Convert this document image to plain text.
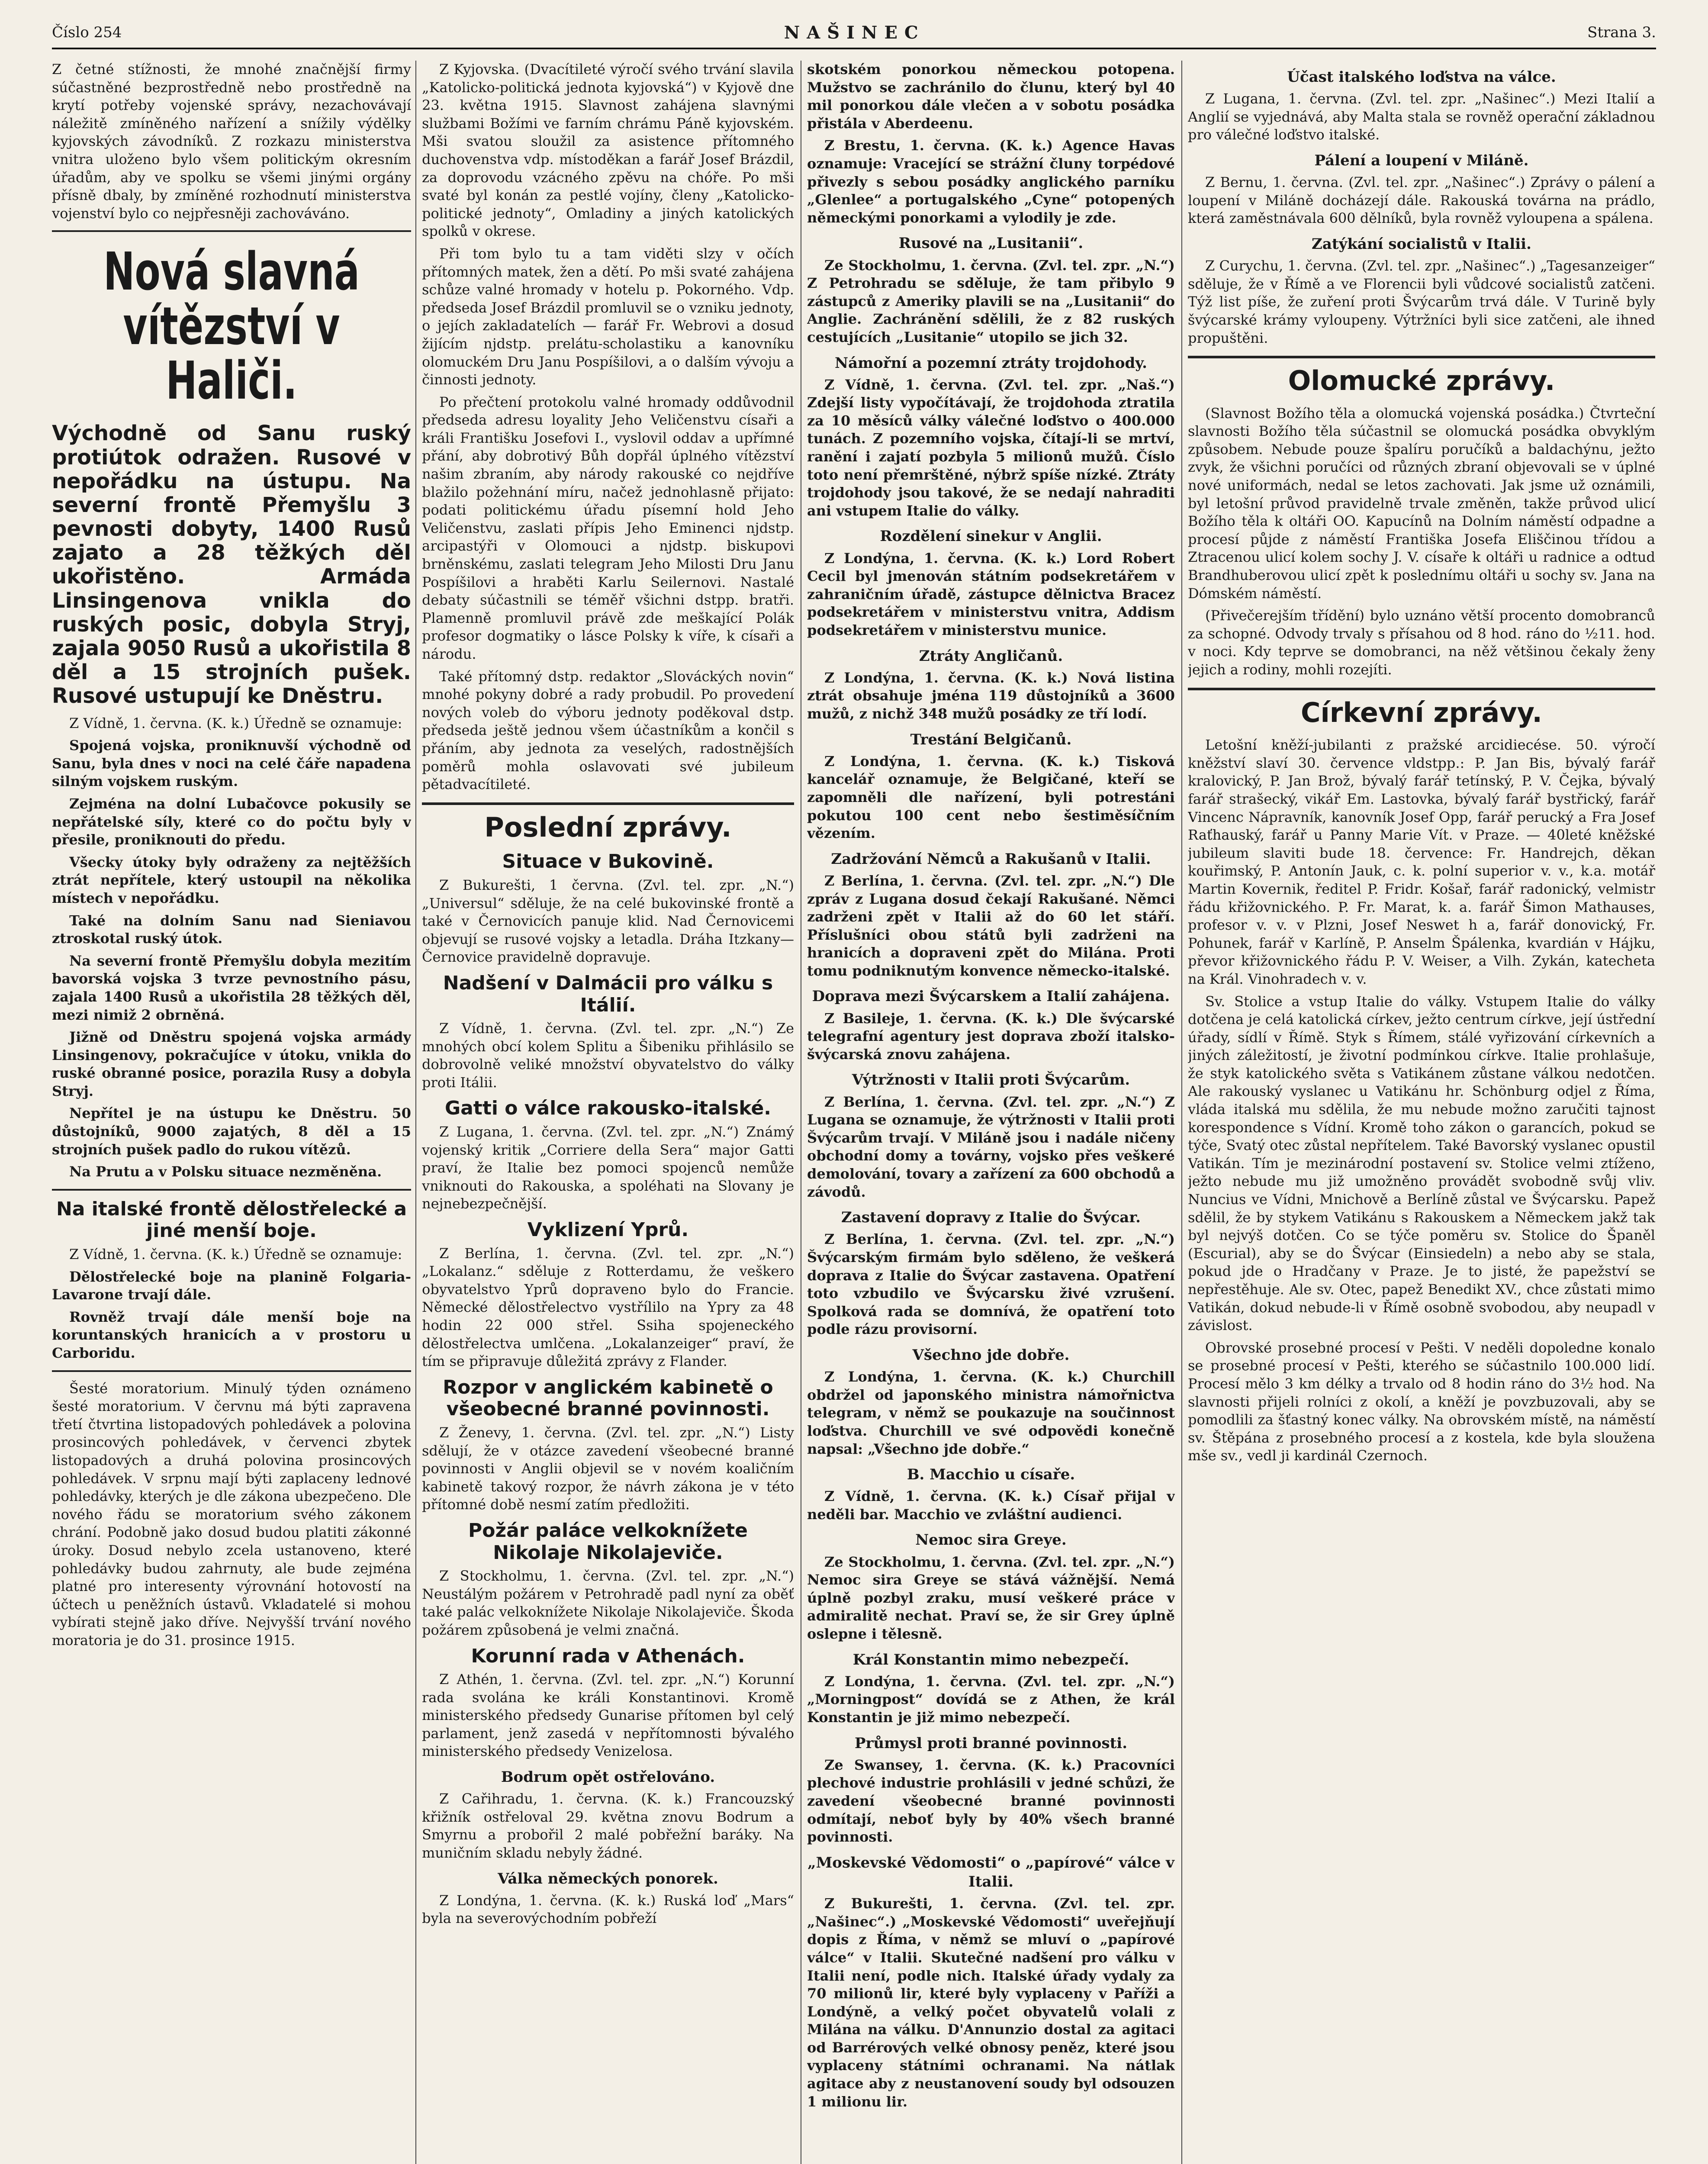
Číslo 254	NAŠINEC	Strana 3.

Z četné stížnosti, že mnohé značnější firmy súčastněné bezprostředně nebo prostředně na krytí potřeby vojenské správy, nezachovávají náležitě zmíněného nařízení a snížily výdělky kyjovských závodníků. Z rozkazu ministerstva vnitra uloženo bylo všem politickým okresním úřadům, aby ve spolku se všemi jinými orgány přísně dbaly, by zmíněné rozhodnutí ministerstva vojenství bylo co nejpřesněji zachováváno.

Nová slavná vítězství v Haliči.
Východně od Sanu ruský protiútok odražen. Rusové v nepořádku na ústupu. Na severní frontě Přemyšlu 3 pevnosti dobyty, 1400 Rusů zajato a 28 těžkých děl ukořistěno. Armáda Linsingenova vnikla do ruských posic, dobyla Stryj, zajala 9050 Rusů a ukořistila 8 děl a 15 strojních pušek. Rusové ustupují ke Dněstru.

Z Vídně, 1. června. (K. k.) Úředně se oznamuje:

Spojená vojska, proniknuvší východně od Sanu, byla dnes v noci na celé čáře napadena silným vojskem ruským.

Zejména na dolní Lubačovce pokusily se nepřátelské síly, které co do počtu byly v přesile, proniknouti do předu.

Všecky útoky byly odraženy za nejtěžších ztrát nepřítele, který ustoupil na několika místech v nepořádku.

Také na dolním Sanu nad Sieniavou ztroskotal ruský útok.

Na severní frontě Přemyšlu dobyla mezitím bavorská vojska 3 tvrze pevnostního pásu, zajala 1400 Rusů a ukořistila 28 těžkých děl, mezi nimiž 2 obrněná.

Jižně od Dněstru spojená vojska armády Linsingenovy, pokračujíce v útoku, vnikla do ruské obranné posice, porazila Rusy a dobyla Stryj.

Nepřítel je na ústupu ke Dněstru. 50 důstojníků, 9000 zajatých, 8 děl a 15 strojních pušek padlo do rukou vítězů.

Na Prutu a v Polsku situace nezměněna.

Na italské frontě dělostřelecké a jiné menší boje.

Z Vídně, 1. června. (K. k.) Úředně se oznamuje:

Dělostřelecké boje na planině Folgaria-Lavarone trvají dále.

Rovněž trvají dále menší boje na koruntanských hranicích a v prostoru u Carboridu.

Šesté moratorium. Minulý týden oznámeno šesté moratorium. V červnu má býti zapravena třetí čtvrtina listopadových pohledávek a polovina prosincových pohledávek, v červenci zbytek listopadových a druhá polovina prosincových pohledávek. V srpnu mají býti zaplaceny lednové pohledávky, kterých je dle zákona ubezpečeno. Dle nového řádu se moratorium svého zákonem chrání. Podobně jako dosud budou platiti zákonné úroky. Dosud nebylo zcela ustanoveno, které pohledávky budou zahrnuty, ale bude zejména platné pro interesenty výrovnání hotovostí na účtech u peněžních ústavů. Vkladatelé si mohou vybírati stejně jako dříve. Nejvyšší trvání nového moratoria je do 31. prosince 1915.

Z Kyjovska. (Dvacítileté výročí svého trvání slavila „Katolicko-politická jednota kyjovská“) v Kyjově dne 23. května 1915. Slavnost zahájena slavnými službami Božími ve farním chrámu Páně kyjovském. Mši svatou sloužil za asistence přítomného duchovenstva vdp. místoděkan a farář Josef Brázdil, za doprovodu vzácného zpěvu na chóře. Po mši svaté byl konán za pestlé vojíny, členy „Katolicko-politické jednoty“, Omladiny a jiných katolických spolků v okrese.

Při tom bylo tu a tam viděti slzy v očích přítomných matek, žen a dětí. Po mši svaté zahájena schůze valné hromady v hotelu p. Pokorného. Vdp. předseda Josef Brázdil promluvil se o vzniku jednoty, o jejích zakladatelích — farář Fr. Webrovi a dosud žijícím njdstp. prelátu-scholastiku a kanovníku olomuckém Dru Janu Pospíšilovi, a o dalším vývoju a činnosti jednoty.

Po přečtení protokolu valné hromady oddůvodnil předseda adresu loyality Jeho Veličenstvu císaři a králi Františku Josefovi I., vyslovil oddav a upřímné přání, aby dobrotivý Bůh dopřál úplného vítězství našim zbraním, aby národy rakouské co nejdříve blažilo požehnání míru, načež jednohlasně přijato: podati politickému úřadu písemní hold Jeho Veličenstvu, zaslati přípis Jeho Eminenci njdstp. arcipastýři v Olomouci a njdstp. biskupovi brněnskému, zaslati telegram Jeho Milosti Dru Janu Pospíšilovi a hraběti Karlu Seilernovi. Nastalé debaty súčastnili se téměř všichni dstpp. bratři. Plamenně promluvil právě zde meškající Polák profesor dogmatiky o lásce Polsky k víře, k císaři a národu.

Také přítomný dstp. redaktor „Slováckých novin“ mnohé pokyny dobré a rady probudil. Po provedení nových voleb do výboru jednoty poděkoval dstp. předseda ještě jednou všem účastníkům a končil s přáním, aby jednota za veselých, radostnějších poměrů mohla oslavovati své jubileum pětadvacítileté.

Poslední zprávy.
Situace v Bukovině.

Z Bukurešti, 1 června. (Zvl. tel. zpr. „N.“) „Universul“ sděluje, že na celé bukovinské frontě a také v Černovicích panuje klid. Nad Černovicemi objevují se rusové vojsky a letadla. Dráha Itzkany—Černovice pravidelně dopravuje.

Nadšení v Dalmácii pro válku s Itálií.

Z Vídně, 1. června. (Zvl. tel. zpr. „N.“) Ze mnohých obcí kolem Splitu a Šibeniku přihlásilo se dobrovolně veliké množství obyvatelstvo do války proti Itálii.

Gatti o válce rakousko-italské.

Z Lugana, 1. června. (Zvl. tel. zpr. „N.“) Známý vojenský kritik „Corriere della Sera“ major Gatti praví, že Italie bez pomoci spojenců nemůže vniknouti do Rakouska, a spoléhati na Slovany je nejnebezpečnější.

Vyklizení Yprů.

Z Berlína, 1. června. (Zvl. tel. zpr. „N.“) „Lokalanz.“ sděluje z Rotterdamu, že veškero obyvatelstvo Yprů dopraveno bylo do Francie. Německé dělostřelectvo vystřílilo na Ypry za 48 hodin 22 000 střel. Ssiha spojeneckého dělostřelectva umlčena. „Lokalanzeiger“ praví, že tím se připravuje důležitá zprávy z Flander.

Rozpor v anglickém kabinetě o všeobecné branné povinnosti.

Z Ženevy, 1. června. (Zvl. tel. zpr. „N.“) Listy sdělují, že v otázce zavedení všeobecné branné povinnosti v Anglii objevil se v novém koaličním kabinetě takový rozpor, že návrh zákona je v této přítomné době nesmí zatím předložiti.

Požár paláce velkoknížete Nikolaje Nikolajeviče.

Z Stockholmu, 1. června. (Zvl. tel. zpr. „N.“) Neustálým požárem v Petrohradě padl nyní za oběť také palác velkoknížete Nikolaje Nikolajeviče. Škoda požárem způsobená je velmi značná.

Korunní rada v Athenách.

Z Athén, 1. června. (Zvl. tel. zpr. „N.“) Korunní rada svolána ke králi Konstantinovi. Kromě ministerského předsedy Gunarise přítomen byl celý parlament, jenž zasedá v nepřítomnosti bývalého ministerského předsedy Venizelosa.

Bodrum opět ostřelováno.

Z Cařihradu, 1. června. (K. k.) Francouzský křižník ostřeloval 29. května znovu Bodrum a Smyrnu a probořil 2 malé pobřežní baráky. Na muničním skladu nebyly žádné.

Válka německých ponorek.

Z Londýna, 1. června. (K. k.) Ruská loď „Mars“ byla na severovýchodním pobřeží

skotském ponorkou německou potopena. Mužstvo se zachránilo do člunu, který byl 40 mil ponorkou dále vlečen a v sobotu posádka přistála v Aberdeenu.

Z Brestu, 1. června. (K. k.) Agence Havas oznamuje: Vracející se strážní čluny torpédové přivezly s sebou posádky anglického parníku „Glenlee“ a portugalského „Cyne“ potopených německými ponorkami a vylodily je zde.

Rusové na „Lusitanii“.

Ze Stockholmu, 1. června. (Zvl. tel. zpr. „N.“) Z Petrohradu se sděluje, že tam přibylo 9 zástupců z Ameriky plavili se na „Lusitanii“ do Anglie. Zachránění sdělili, že z 82 ruských cestujících „Lusitanie“ utopilo se jich 32.

Námořní a pozemní ztráty trojdohody.

Z Vídně, 1. června. (Zvl. tel. zpr. „Naš.“) Zdejší listy vypočítávají, že trojdohoda ztratila za 10 měsíců války válečné loďstvo o 400.000 tunách. Z pozemního vojska, čítají-li se mrtví, ranění i zajatí pozbyla 5 milionů mužů. Číslo toto není přemrštěné, nýbrž spíše nízké. Ztráty trojdohody jsou takové, že se nedají nahraditi ani vstupem Italie do války.

Rozdělení sinekur v Anglii.

Z Londýna, 1. června. (K. k.) Lord Robert Cecil byl jmenován státním podsekretářem v zahraničním úřadě, zástupce dělnictva Bracez podsekretářem v ministerstvu vnitra, Addism podsekretářem v ministerstvu munice.

Ztráty Angličanů.

Z Londýna, 1. června. (K. k.) Nová listina ztrát obsahuje jména 119 důstojníků a 3600 mužů, z nichž 348 mužů posádky ze tří lodí.

Trestání Belgičanů.

Z Londýna, 1. června. (K. k.) Tisková kancelář oznamuje, že Belgičané, kteří se zapomněli dle nařízení, byli potrestáni pokutou 100 cent nebo šestiměsíčním vězením.

Zadržování Němců a Rakušanů v Italii.

Z Berlína, 1. června. (Zvl. tel. zpr. „N.“) Dle zpráv z Lugana dosud čekají Rakušané. Němci zadrženi zpět v Italii až do 60 let stáří. Příslušníci obou států byli zadrženi na hranicích a dopraveni zpět do Milána. Proti tomu podniknutým konvence německo-italské.

Doprava mezi Švýcarskem a Italií zahájena.

Z Basileje, 1. června. (K. k.) Dle švýcarské telegrafní agentury jest doprava zboží italsko-švýcarská znovu zahájena.

Výtržnosti v Italii proti Švýcarům.

Z Berlína, 1. června. (Zvl. tel. zpr. „N.“) Z Lugana se oznamuje, že výtržnosti v Italii proti Švýcarům trvají. V Miláně jsou i nadále ničeny obchodní domy a továrny, vojsko přes veškeré demolování, tovary a zařízení za 600 obchodů a závodů.

Zastavení dopravy z Italie do Švýcar.

Z Berlína, 1. června. (Zvl. tel. zpr. „N.“) Švýcarským firmám bylo sděleno, že veškerá doprava z Italie do Švýcar zastavena. Opatření toto vzbudilo ve Švýcarsku živé vzrušení. Spolková rada se domnívá, že opatření toto podle rázu provisorní.

Všechno jde dobře.

Z Londýna, 1. června. (K. k.) Churchill obdržel od japonského ministra námořnictva telegram, v němž se poukazuje na součinnost loďstva. Churchill ve své odpovědi konečně napsal: „Všechno jde dobře.“

B. Macchio u císaře.

Z Vídně, 1. června. (K. k.) Císař přijal v neděli bar. Macchio ve zvláštní audienci.

Nemoc sira Greye.

Ze Stockholmu, 1. června. (Zvl. tel. zpr. „N.“) Nemoc sira Greye se stává vážnější. Nemá úplně pozbyl zraku, musí veškeré práce v admiralitě nechat. Praví se, že sir Grey úplně oslepne i tělesně.

Král Konstantin mimo nebezpečí.

Z Londýna, 1. června. (Zvl. tel. zpr. „N.“) „Morningpost“ dovídá se z Athen, že král Konstantin je již mimo nebezpečí.

Průmysl proti branné povinnosti.

Ze Swansey, 1. června. (K. k.) Pracovníci plechové industrie prohlásili v jedné schůzi, že zavedení všeobecné branné povinnosti odmítají, neboť byly by 40% všech branné povinnosti.

„Moskevské Vědomosti“ o „papírové“ válce v Italii.

Z Bukurešti, 1. června. (Zvl. tel. zpr. „Našinec“.) „Moskevské Vědomosti“ uveřejňují dopis z Říma, v němž se mluví o „papírové válce“ v Italii. Skutečné nadšení pro válku v Italii není, podle nich. Italské úřady vydaly za 70 milionů lir, které byly vyplaceny v Paříži a Londýně, a velký počet obyvatelů volali z Milána na válku. D'Annunzio dostal za agitaci od Barrérových velké obnosy peněz, které jsou vyplaceny státními ochranami. Na nátlak agitace aby z neustanovení soudy byl odsouzen 1 milionu lir.

Účast italského loďstva na válce.

Z Lugana, 1. června. (Zvl. tel. zpr. „Našinec“.) Mezi Italií a Anglií se vyjednává, aby Malta stala se rovněž operační základnou pro válečné loďstvo italské.

Pálení a loupení v Miláně.

Z Bernu, 1. června. (Zvl. tel. zpr. „Našinec“.) Zprávy o pálení a loupení v Miláně docházejí dále. Rakouská továrna na prádlo, která zaměstnávala 600 dělníků, byla rovněž vyloupena a spálena.

Zatýkání socialistů v Italii.

Z Curychu, 1. června. (Zvl. tel. zpr. „Našinec“.) „Tagesanzeiger“ sděluje, že v Římě a ve Florencii byli vůdcové socialistů zatčeni. Týž list píše, že zuření proti Švýcarům trvá dále. V Turině byly švýcarské krámy vyloupeny. Výtržníci byli sice zatčeni, ale ihned propuštěni.

Olomucké zprávy.

(Slavnost Božího těla a olomucká vojenská posádka.) Čtvrteční slavnosti Božího těla súčastnil se olomucká posádka obvyklým způsobem. Nebude pouze špalíru poručíků a baldachýnu, ježto zvyk, že všichni poručíci od různých zbraní objevovali se v úplné nové uniformách, nedal se letos zachovati. Jak jsme už oznámili, byl letošní průvod pravidelně trvale změněn, takže průvod ulicí Božího těla k oltáři OO. Kapucínů na Dolním náměstí odpadne a procesí půjde z náměstí Františka Josefa Eliščinou třídou a Ztracenou ulicí kolem sochy J. V. císaře k oltáři u radnice a odtud Brandhuberovou ulicí zpět k poslednímu oltáři u sochy sv. Jana na Dómském náměstí.

(Přivečerejším třídění) bylo uznáno větší procento domobranců za schopné. Odvody trvaly s přísahou od 8 hod. ráno do ½11. hod. v noci. Kdy teprve se domobranci, na něž většinou čekaly ženy jejich a rodiny, mohli rozejíti.

Církevní zprávy.

Letošní kněží-jubilanti z pražské arcidiecése. 50. výročí kněžství slaví 30. července vldstpp.: P. Jan Bis, bývalý farář kralovický, P. Jan Brož, bývalý farář tetínský, P. V. Čejka, bývalý farář strašecký, vikář Em. Lastovka, bývalý farář bystřický, farář Vincenc Nápravník, kanovník Josef Opp, farář perucký a Fra Josef Raťhauský, farář u Panny Marie Vít. v Praze. — 40leté kněžské jubileum slaviti bude 18. července: Fr. Handrejch, děkan kouřimský, P. Antonín Jauk, c. k. polní superior v. v., k.a. motář Martin Kovernik, ředitel P. Fridr. Košař, farář radonický, velmistr řádu křižovnického. P. Fr. Marat, k. a. farář Šimon Mathauses, profesor v. v. v Plzni, Josef Neswet h a, farář donovický, Fr. Pohunek, farář v Karlíně, P. Anselm Špálenka, kvardián v Hájku, převor křižovnického řádu P. V. Weiser, a Vilh. Zykán, katecheta na Král. Vinohradech v. v.

Sv. Stolice a vstup Italie do války. Vstupem Italie do války dotčena je celá katolická církev, ježto centrum církve, její ústřední úřady, sídlí v Římě. Styk s Římem, stálé vyřizování církevních a jiných záležitostí, je životní podmínkou církve. Italie prohlašuje, že styk katolického světa s Vatikánem zůstane válkou nedotčen. Ale rakouský vyslanec u Vatikánu hr. Schönburg odjel z Říma, vláda italská mu sdělila, že mu nebude možno zaručiti tajnost korespondence s Vídní. Kromě toho zákon o garancích, pokud se týče, Svatý otec zůstal nepřítelem. Také Bavorský vyslanec opustil Vatikán. Tím je mezinárodní postavení sv. Stolice velmi ztíženo, ježto nebude mu již umožněno provádět svobodně svůj vliv. Nuncius ve Vídni, Mnichově a Berlíně zůstal ve Švýcarsku. Papež sdělil, že by stykem Vatikánu s Rakouskem a Německem jakž tak byl nejvýš dotčen. Co se týče poměru sv. Stolice do Španěl (Escurial), aby se do Švýcar (Einsiedeln) a nebo aby se stala, pokud jde o Hradčany v Praze. Je to jisté, že papežství se nepřestěhuje. Ale sv. Otec, papež Benedikt XV., chce zůstati mimo Vatikán, dokud nebude-li v Římě osobně svobodou, aby neupadl v závislost.

Obrovské prosebné procesí v Pešti. V neděli dopoledne konalo se prosebné procesí v Pešti, kterého se súčastnilo 100.000 lidí. Procesí mělo 3 km délky a trvalo od 8 hodin ráno do 3½ hod. Na slavnosti přijeli rolníci z okolí, a kněží je povzbuzovali, aby se pomodlili za šťastný konec války. Na obrovském místě, na náměstí sv. Štěpána z prosebného procesí a z kostela, kde byla sloužena mše sv., vedl ji kardinál Czernoch.
